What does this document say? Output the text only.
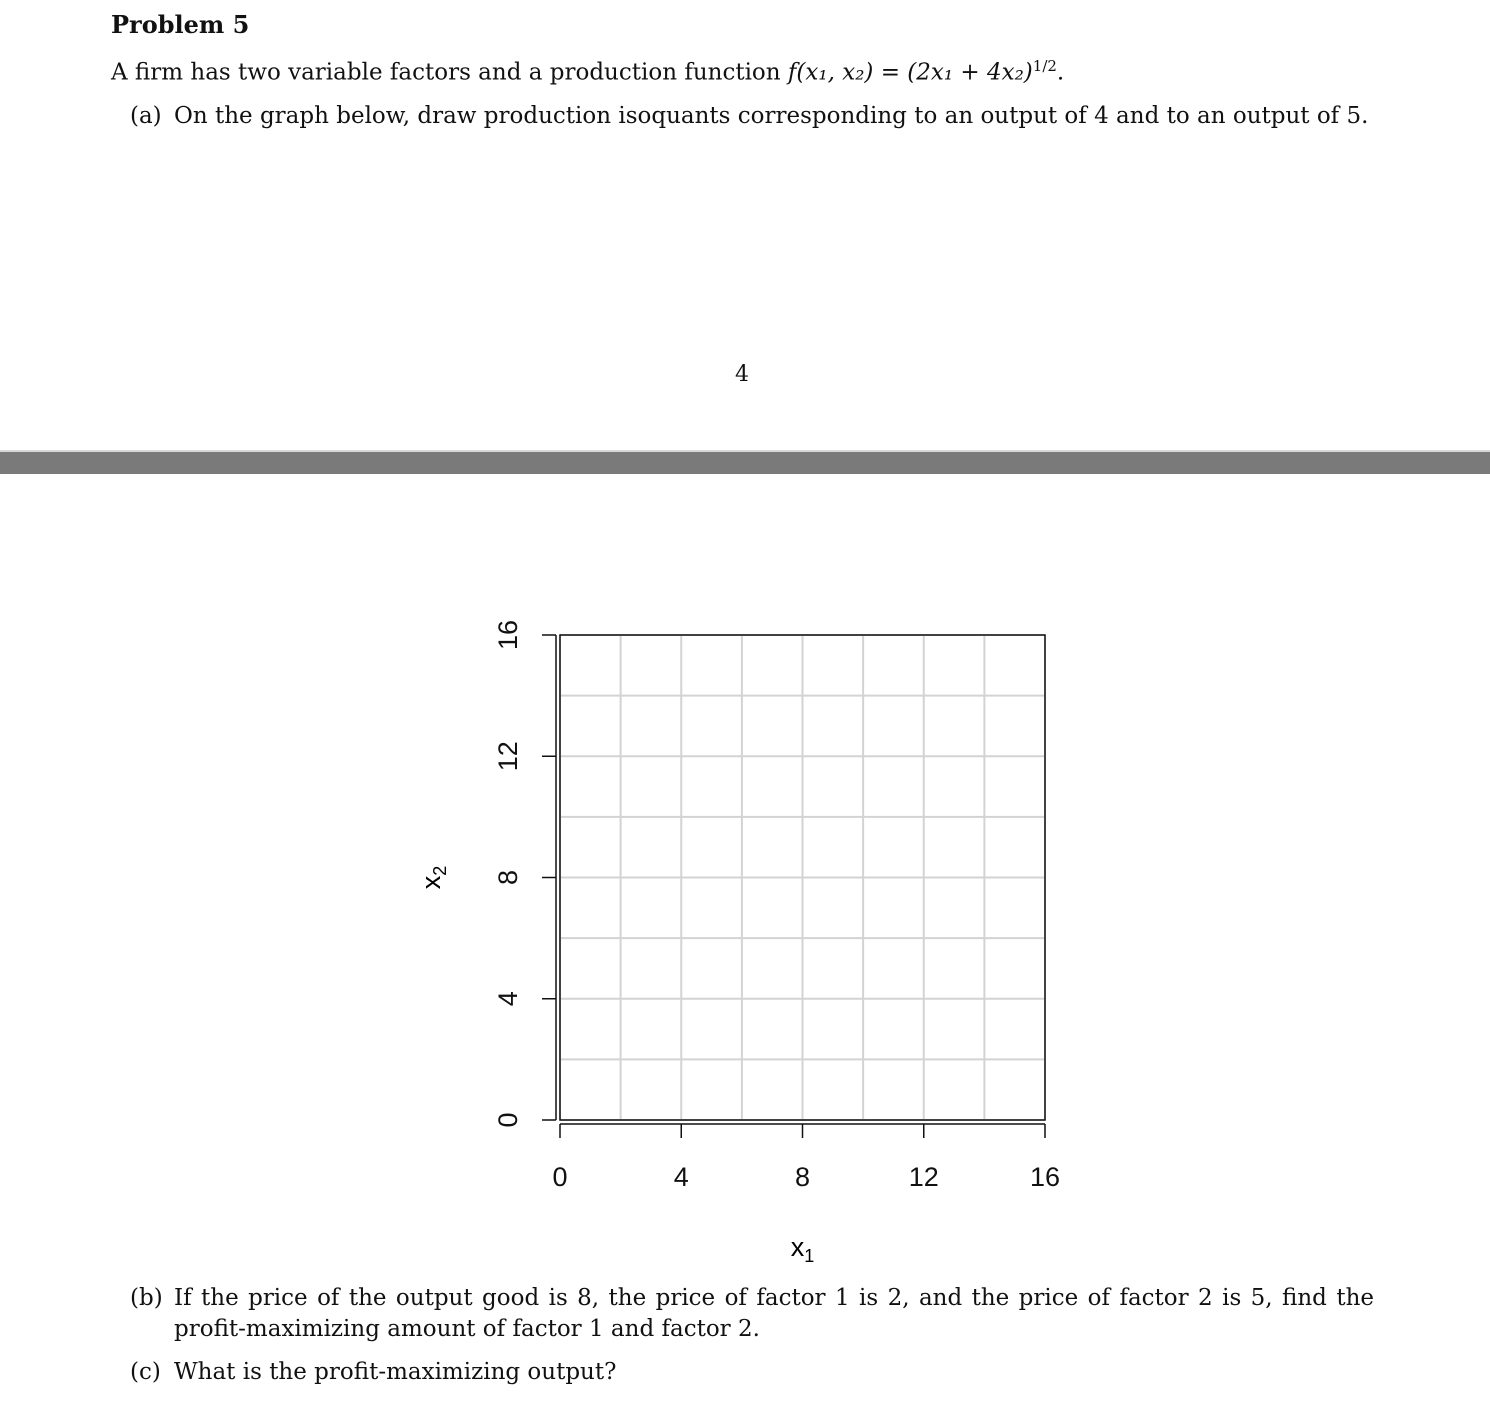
Problem 5
A firm has two variable factors and a production function f(x₁, $x_2) = (2x_1 + 4x_2)^{1/2}$.
(a) On the graph below, draw production isoquants corresponding to an output of 4 and to an output of 5.
4
0	4	8	12	16
0
4
8
12
16
$x_1$
$x_2$
(b) If the price of the output good is 8, the price of factor 1 is 2, and the price of factor 2 is 5, find the profit-maximizing amount of factor 1 and factor 2.
(c) What is the profit-maximizing output?
